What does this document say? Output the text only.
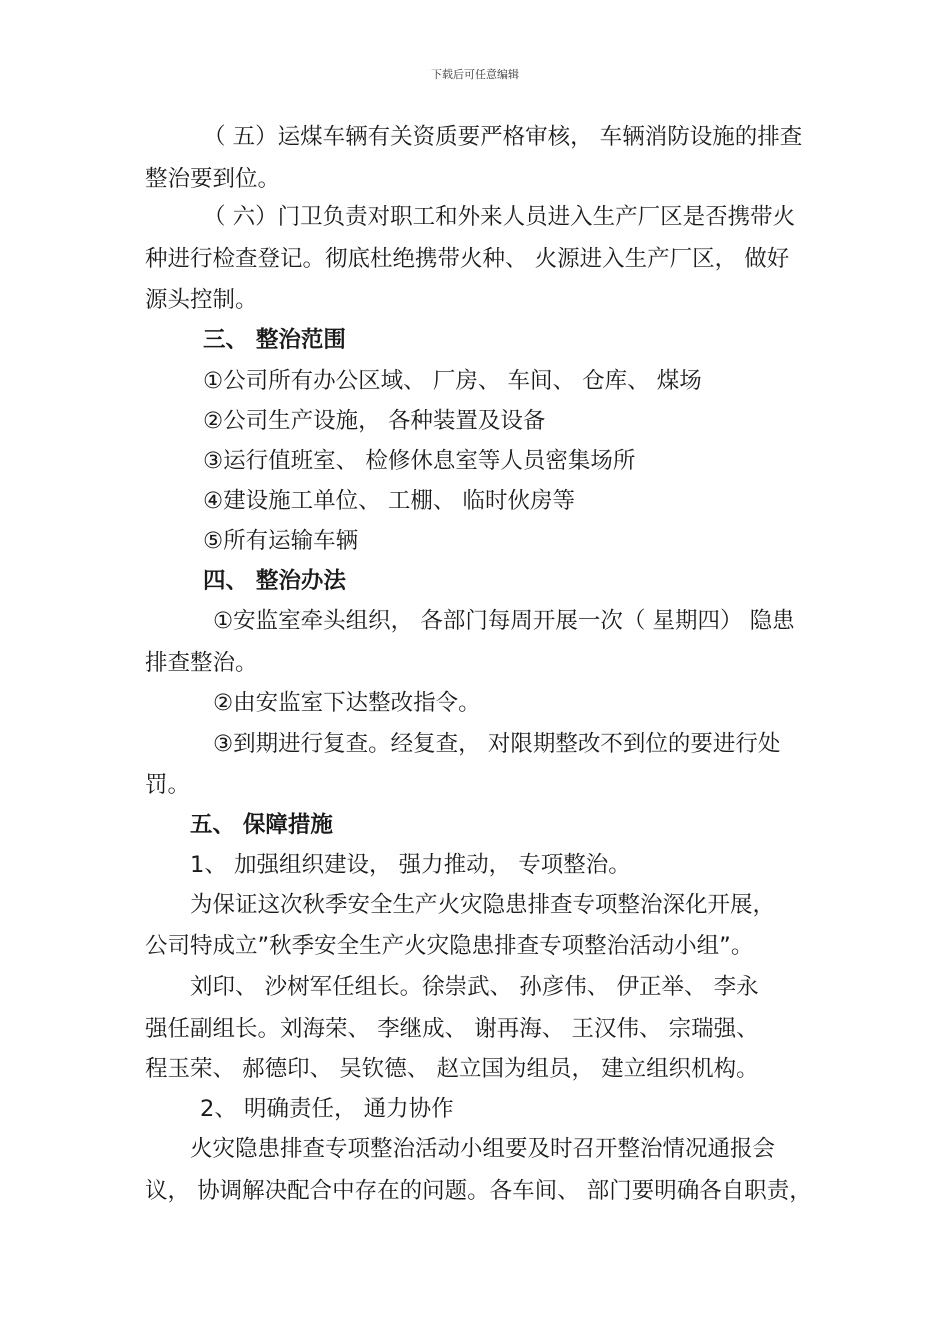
下载后可任意编辑
（ 五）运煤车辆有关资质要严格审核， 车辆消防设施的排查
整治要到位。
（ 六）门卫负责对职工和外来人员进入生产厂区是否携带火
种进行检查登记。彻底杜绝携带火种、 火源进入生产厂区， 做好
源头控制。
三、 整治范围
①公司所有办公区域、 厂房、 车间、 仓库、 煤场
②公司生产设施， 各种装置及设备
③运行值班室、 检修休息室等人员密集场所
④建设施工单位、 工棚、 临时伙房等
⑤所有运输车辆
四、 整治办法
①安监室牵头组织， 各部门每周开展一次（ 星期四） 隐患
排查整治。
②由安监室下达整改指令。
③到期进行复查。经复查， 对限期整改不到位的要进行处
罚。
五、 保障措施
1、 加强组织建设， 强力推动， 专项整治。
为保证这次秋季安全生产火灾隐患排查专项整治深化开展，
公司特成立”秋季安全生产火灾隐患排查专项整治活动小组”。
刘印、 沙树军任组长。徐崇武、 孙彦伟、 伊正举、 李永
强任副组长。刘海荣、 李继成、 谢再海、 王汉伟、 宗瑞强、
程玉荣、 郝德印、 吴钦德、 赵立国为组员， 建立组织机构。
2、 明确责任， 通力协作
火灾隐患排查专项整治活动小组要及时召开整治情况通报会
议， 协调解决配合中存在的问题。各车间、 部门要明确各自职责，
